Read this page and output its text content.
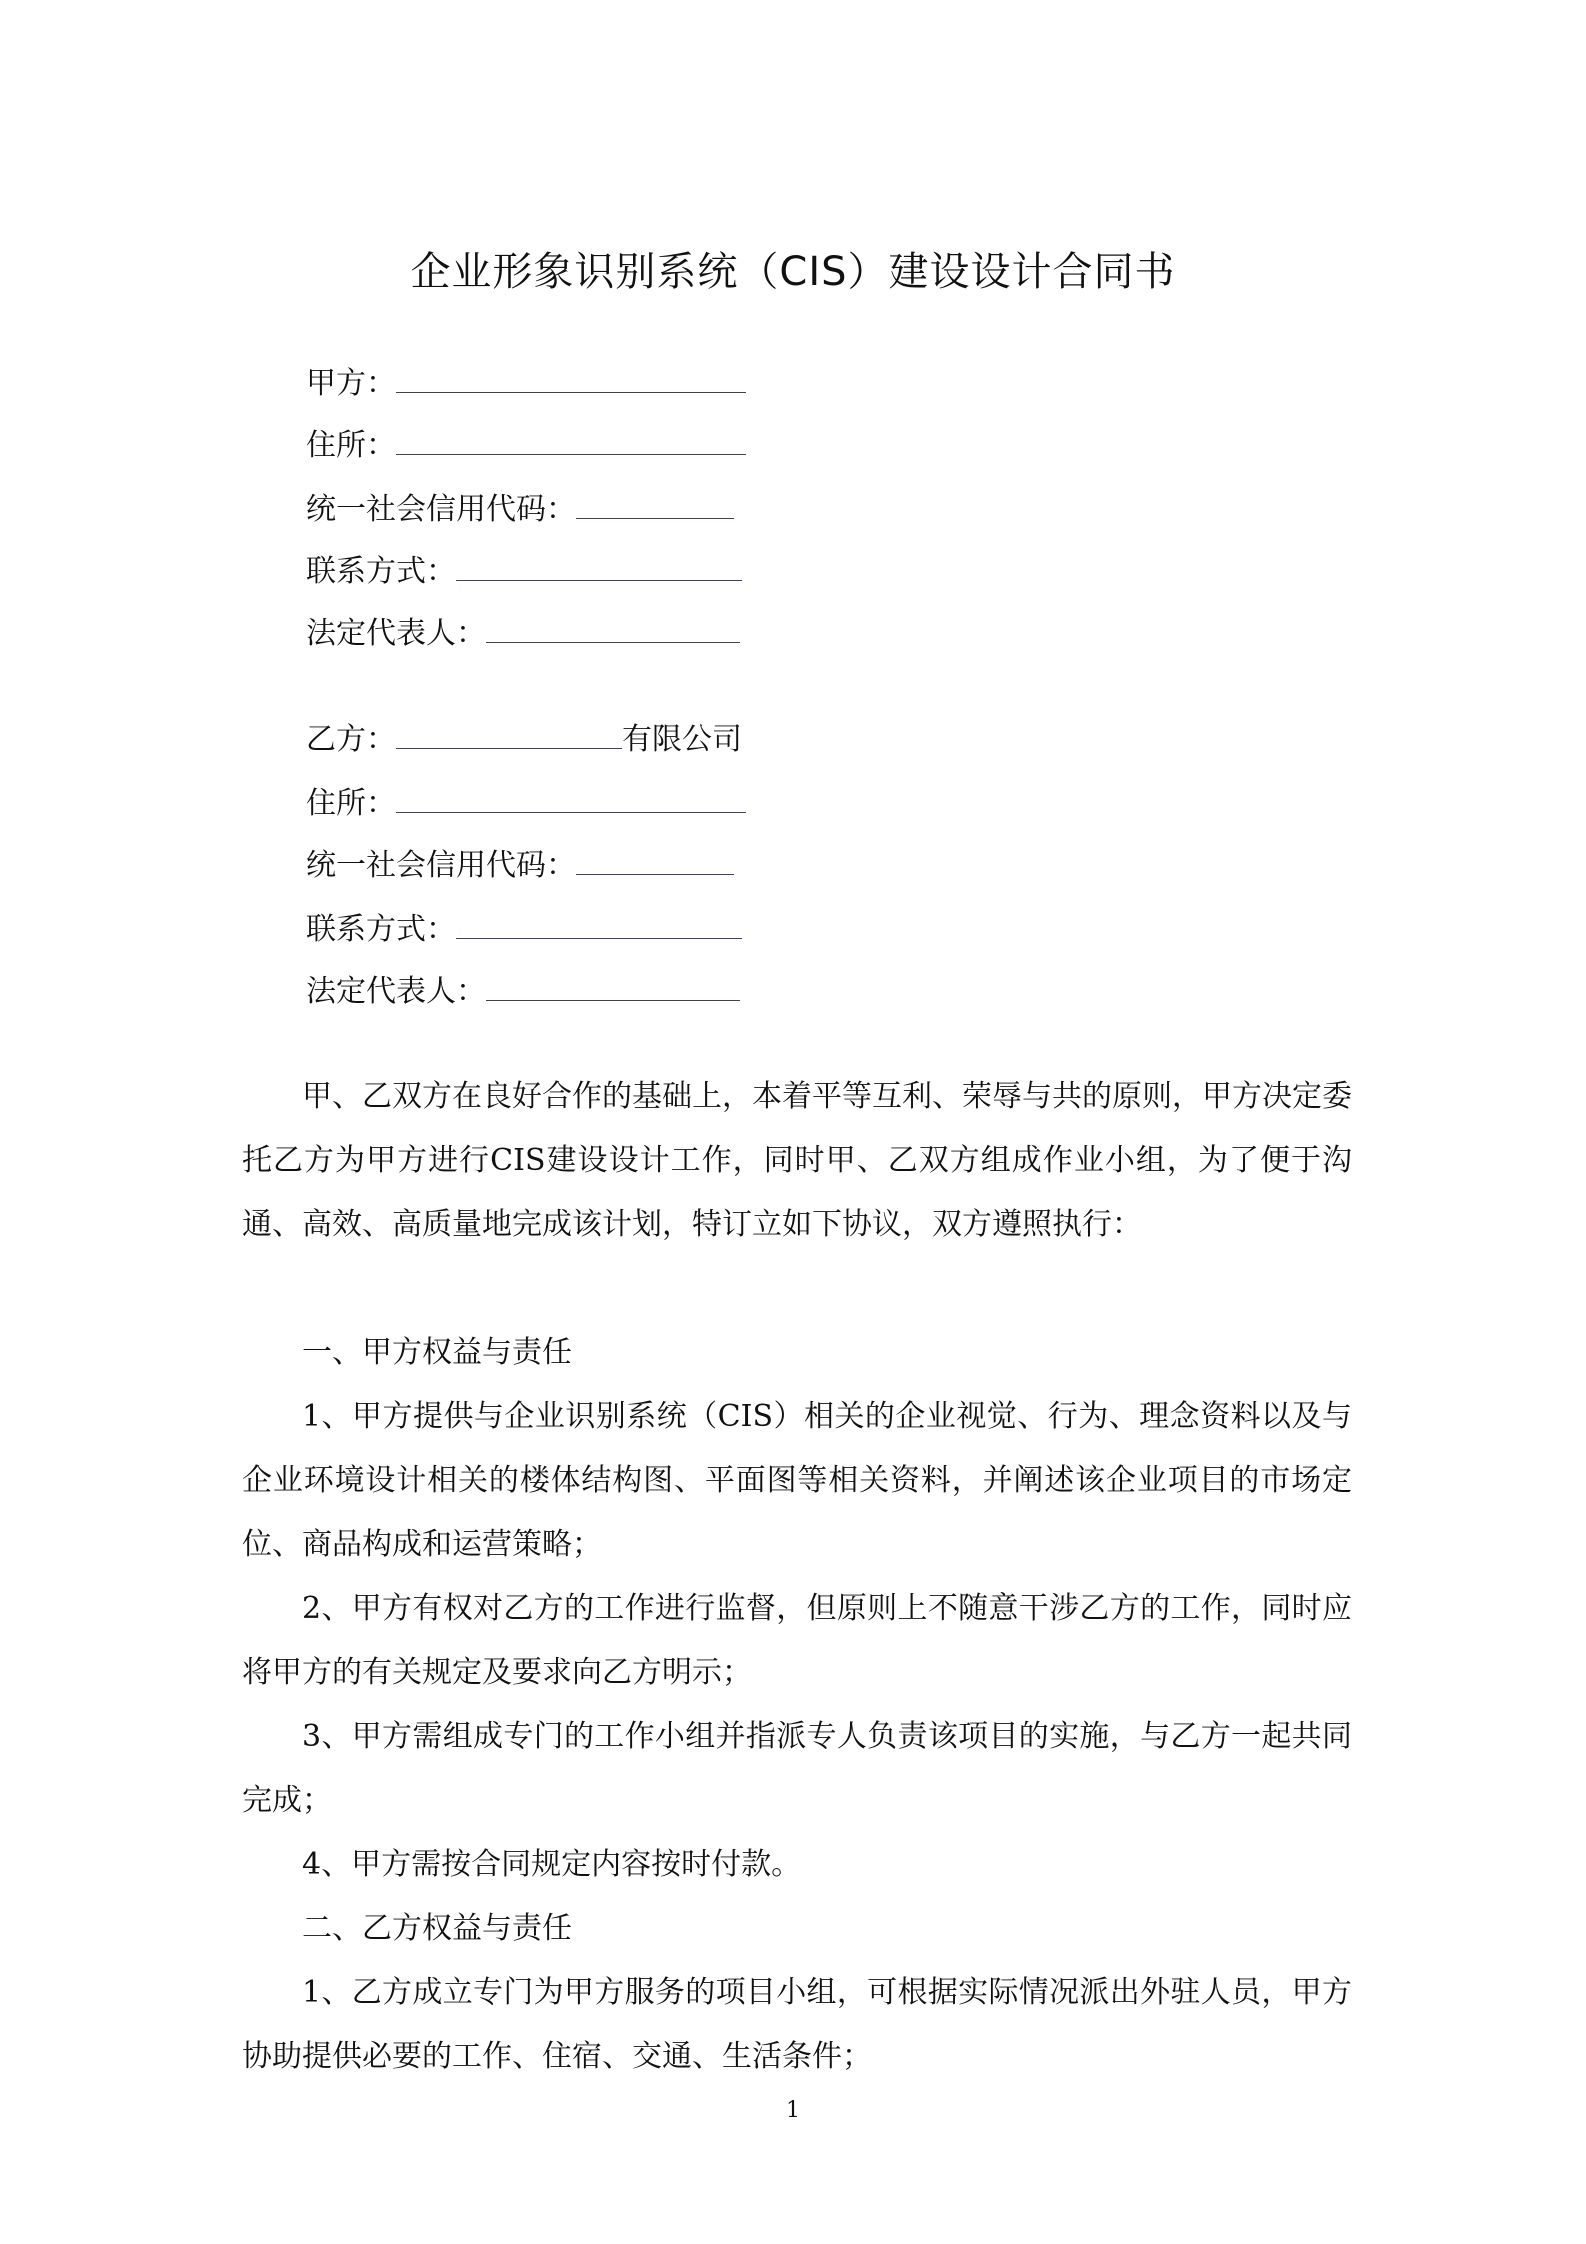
企业形象识别系统（CIS）建设设计合同书
甲方：
住所：
统一社会信用代码：
联系方式：
法定代表人：
乙方：	有限公司
住所：
统一社会信用代码：
联系方式：
法定代表人：

甲、乙双方在良好合作的基础上，本着平等互利、荣辱与共的原则，甲方决定委托乙方为甲方进行CIS建设设计工作，同时甲、乙双方组成作业小组，为了便于沟通、高效、高质量地完成该计划，特订立如下协议，双方遵照执行：

一、甲方权益与责任

1、甲方提供与企业识别系统（CIS）相关的企业视觉、行为、理念资料以及与企业环境设计相关的楼体结构图、平面图等相关资料，并阐述该企业项目的市场定位、商品构成和运营策略；

2、甲方有权对乙方的工作进行监督，但原则上不随意干涉乙方的工作，同时应将甲方的有关规定及要求向乙方明示；

3、甲方需组成专门的工作小组并指派专人负责该项目的实施，与乙方一起共同完成；

4、甲方需按合同规定内容按时付款。

二、乙方权益与责任

1、乙方成立专门为甲方服务的项目小组，可根据实际情况派出外驻人员，甲方协助提供必要的工作、住宿、交通、生活条件；

1
